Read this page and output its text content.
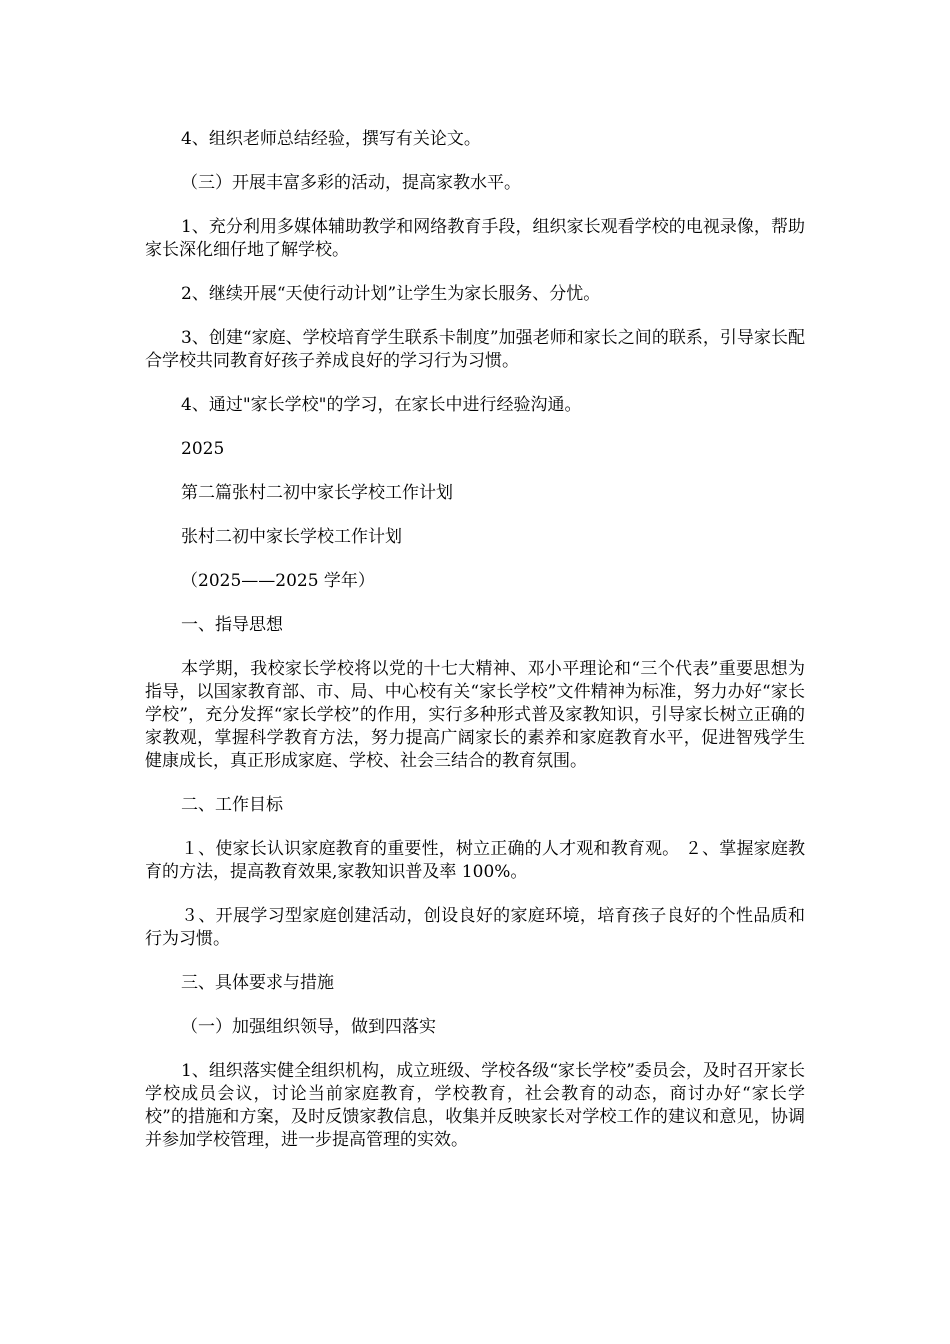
4、组织老师总结经验，撰写有关论文。

（三）开展丰富多彩的活动，提高家教水平。

1、充分利用多媒体辅助教学和网络教育手段，组织家长观看学校的电视录像，帮助家长深化细仔地了解学校。

2、继续开展“天使行动计划”让学生为家长服务、分忧。

3、创建“家庭、学校培育学生联系卡制度”加强老师和家长之间的联系，引导家长配合学校共同教育好孩子养成良好的学习行为习惯。

4、通过"家长学校"的学习，在家长中进行经验沟通。

2025

第二篇张村二初中家长学校工作计划

张村二初中家长学校工作计划

（2025——2025 学年）

一、指导思想

本学期，我校家长学校将以党的十七大精神、邓小平理论和“三个代表”重要思想为指导，以国家教育部、市、局、中心校有关“家长学校”文件精神为标准，努力办好“家长学校”，充分发挥“家长学校”的作用，实行多种形式普及家教知识，引导家长树立正确的家教观，掌握科学教育方法，努力提高广阔家长的素养和家庭教育水平，促进智残学生健康成长，真正形成家庭、学校、社会三结合的教育氛围。

二、工作目标

１、使家长认识家庭教育的重要性，树立正确的人才观和教育观。 ２、掌握家庭教育的方法，提高教育效果,家教知识普及率 100%。

３、开展学习型家庭创建活动，创设良好的家庭环境，培育孩子良好的个性品质和行为习惯。

三、具体要求与措施

（一）加强组织领导，做到四落实

1、组织落实健全组织机构，成立班级、学校各级“家长学校”委员会，及时召开家长学校成员会议，讨论当前家庭教育，学校教育，社会教育的动态，商讨办好“家长学校”的措施和方案，及时反馈家教信息，收集并反映家长对学校工作的建议和意见，协调并参加学校管理，进一步提高管理的实效。
